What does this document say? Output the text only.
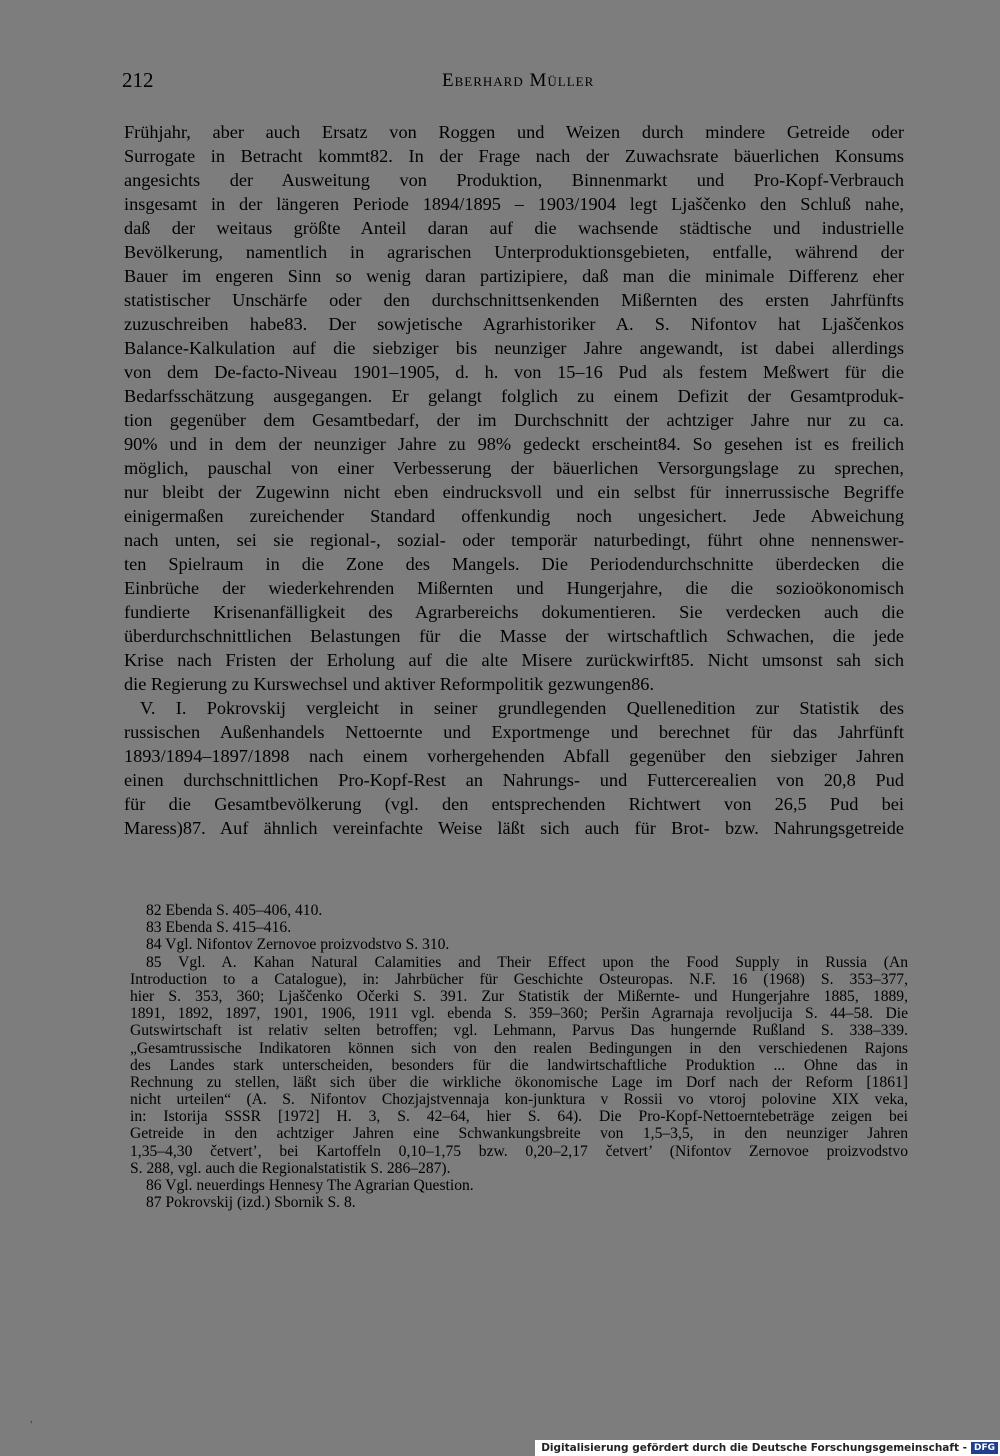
212	Eberhard Müller
Frühjahr, aber auch Ersatz von Roggen und Weizen durch mindere Getreide oder
Surrogate in Betracht kommt82. In der Frage nach der Zuwachsrate bäuerlichen Konsums
angesichts der Ausweitung von Produktion, Binnenmarkt und Pro-Kopf-Verbrauch
insgesamt in der längeren Periode 1894/1895 – 1903/1904 legt Ljaščenko den Schluß nahe,
daß der weitaus größte Anteil daran auf die wachsende städtische und industrielle
Bevölkerung, namentlich in agrarischen Unterproduktionsgebieten, entfalle, während der
Bauer im engeren Sinn so wenig daran partizipiere, daß man die minimale Differenz eher
statistischer Unschärfe oder den durchschnittsenkenden Mißernten des ersten Jahrfünfts
zuzuschreiben habe83. Der sowjetische Agrarhistoriker A. S. Nifontov hat Ljaščenkos
Balance-Kalkulation auf die siebziger bis neunziger Jahre angewandt, ist dabei allerdings
von dem De-facto-Niveau 1901–1905, d. h. von 15–16 Pud als festem Meßwert für die
Bedarfsschätzung ausgegangen. Er gelangt folglich zu einem Defizit der Gesamtproduk-
tion gegenüber dem Gesamtbedarf, der im Durchschnitt der achtziger Jahre nur zu ca.
90% und in dem der neunziger Jahre zu 98% gedeckt erscheint84. So gesehen ist es freilich
möglich, pauschal von einer Verbesserung der bäuerlichen Versorgungslage zu sprechen,
nur bleibt der Zugewinn nicht eben eindrucksvoll und ein selbst für innerrussische Begriffe
einigermaßen zureichender Standard offenkundig noch ungesichert. Jede Abweichung
nach unten, sei sie regional-, sozial- oder temporär naturbedingt, führt ohne nennenswer-
ten Spielraum in die Zone des Mangels. Die Periodendurchschnitte überdecken die
Einbrüche der wiederkehrenden Mißernten und Hungerjahre, die die sozioökonomisch
fundierte Krisenanfälligkeit des Agrarbereichs dokumentieren. Sie verdecken auch die
überdurchschnittlichen Belastungen für die Masse der wirtschaftlich Schwachen, die jede
Krise nach Fristen der Erholung auf die alte Misere zurückwirft85. Nicht umsonst sah sich
die Regierung zu Kurswechsel und aktiver Reformpolitik gezwungen86.
V. I. Pokrovskij vergleicht in seiner grundlegenden Quellenedition zur Statistik des
russischen Außenhandels Nettoernte und Exportmenge und berechnet für das Jahrfünft
1893/1894–1897/1898 nach einem vorhergehenden Abfall gegenüber den siebziger Jahren
einen durchschnittlichen Pro-Kopf-Rest an Nahrungs- und Futtercerealien von 20,8 Pud
für die Gesamtbevölkerung (vgl. den entsprechenden Richtwert von 26,5 Pud bei
Maress)87. Auf ähnlich vereinfachte Weise läßt sich auch für Brot- bzw. Nahrungsgetreide
82 Ebenda S. 405–406, 410.
83 Ebenda S. 415–416.
84 Vgl. Nifontov Zernovoe proizvodstvo S. 310.
85 Vgl. A. Kahan Natural Calamities and Their Effect upon the Food Supply in Russia (An
Introduction to a Catalogue), in: Jahrbücher für Geschichte Osteuropas. N.F. 16 (1968) S. 353–377,
hier S. 353, 360; Ljaščenko Očerki S. 391. Zur Statistik der Mißernte- und Hungerjahre 1885, 1889,
1891, 1892, 1897, 1901, 1906, 1911 vgl. ebenda S. 359–360; Peršin Agrarnaja revoljucija S. 44–58. Die
Gutswirtschaft ist relativ selten betroffen; vgl. Lehmann, Parvus Das hungernde Rußland S. 338–339.
„Gesamtrussische Indikatoren können sich von den realen Bedingungen in den verschiedenen Rajons
des Landes stark unterscheiden, besonders für die landwirtschaftliche Produktion ... Ohne das in
Rechnung zu stellen, läßt sich über die wirkliche ökonomische Lage im Dorf nach der Reform [1861]
nicht urteilen“ (A. S. Nifontov Chozjajstvennaja kon-junktura v Rossii vo vtoroj polovine XIX veka,
in: Istorija SSSR [1972] H. 3, S. 42–64, hier S. 64). Die Pro-Kopf-Nettoerntebeträge zeigen bei
Getreide in den achtziger Jahren eine Schwankungsbreite von 1,5–3,5, in den neunziger Jahren
1,35–4,30 četvert’, bei Kartoffeln 0,10–1,75 bzw. 0,20–2,17 četvert’ (Nifontov Zernovoe proizvodstvo
S. 288, vgl. auch die Regionalstatistik S. 286–287).
86 Vgl. neuerdings Hennesy The Agrarian Question.
87 Pokrovskij (izd.) Sbornik S. 8.
,
Digitalisierung gefördert durch die Deutsche Forschungsgemeinschaft - DFG
